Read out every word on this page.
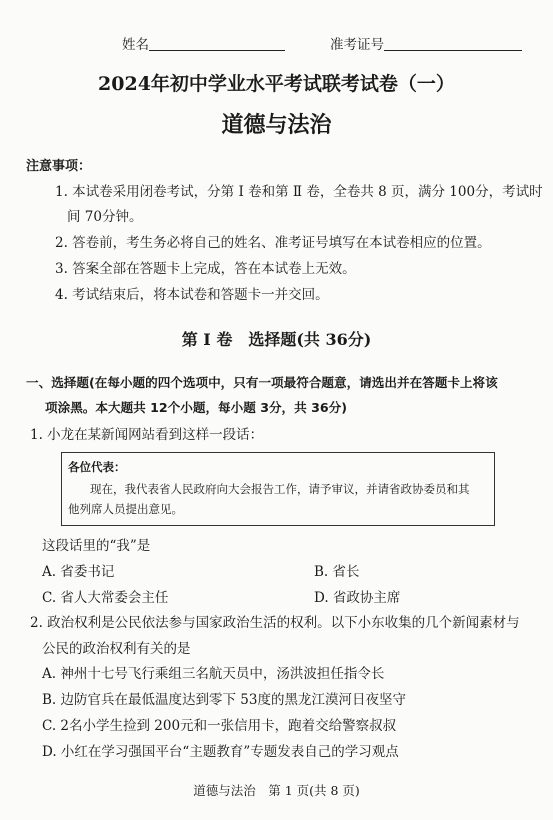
姓名	准考证号
2024年初中学业水平考试联考试卷（一）
道德与法治
注意事项：
1. 本试卷采用闭卷考试，分第 Ⅰ 卷和第 Ⅱ 卷，全卷共 8 页，满分 100分，考试时
间 70分钟。
2. 答卷前，考生务必将自己的姓名、准考证号填写在本试卷相应的位置。
3. 答案全部在答题卡上完成，答在本试卷上无效。
4. 考试结束后，将本试卷和答题卡一并交回。
第 Ⅰ 卷　选择题(共 36分)
一、选择题(在每小题的四个选项中，只有一项最符合题意，请选出并在答题卡上将该
项涂黑。本大题共 12个小题，每小题 3分，共 36分)
1. 小龙在某新闻网站看到这样一段话：
各位代表：
现在，我代表省人民政府向大会报告工作，请予审议，并请省政协委员和其
他列席人员提出意见。
这段话里的“我”是
A. 省委书记	B. 省长
C. 省人大常委会主任	D. 省政协主席
2. 政治权利是公民依法参与国家政治生活的权利。以下小东收集的几个新闻素材与
公民的政治权利有关的是
A. 神州十七号飞行乘组三名航天员中，汤洪波担任指令长
B. 边防官兵在最低温度达到零下 53度的黑龙江漠河日夜坚守
C. 2名小学生捡到 200元和一张信用卡，跑着交给警察叔叔
D. 小红在学习强国平台“主题教育”专题发表自己的学习观点
道德与法治　第 1 页(共 8 页)
